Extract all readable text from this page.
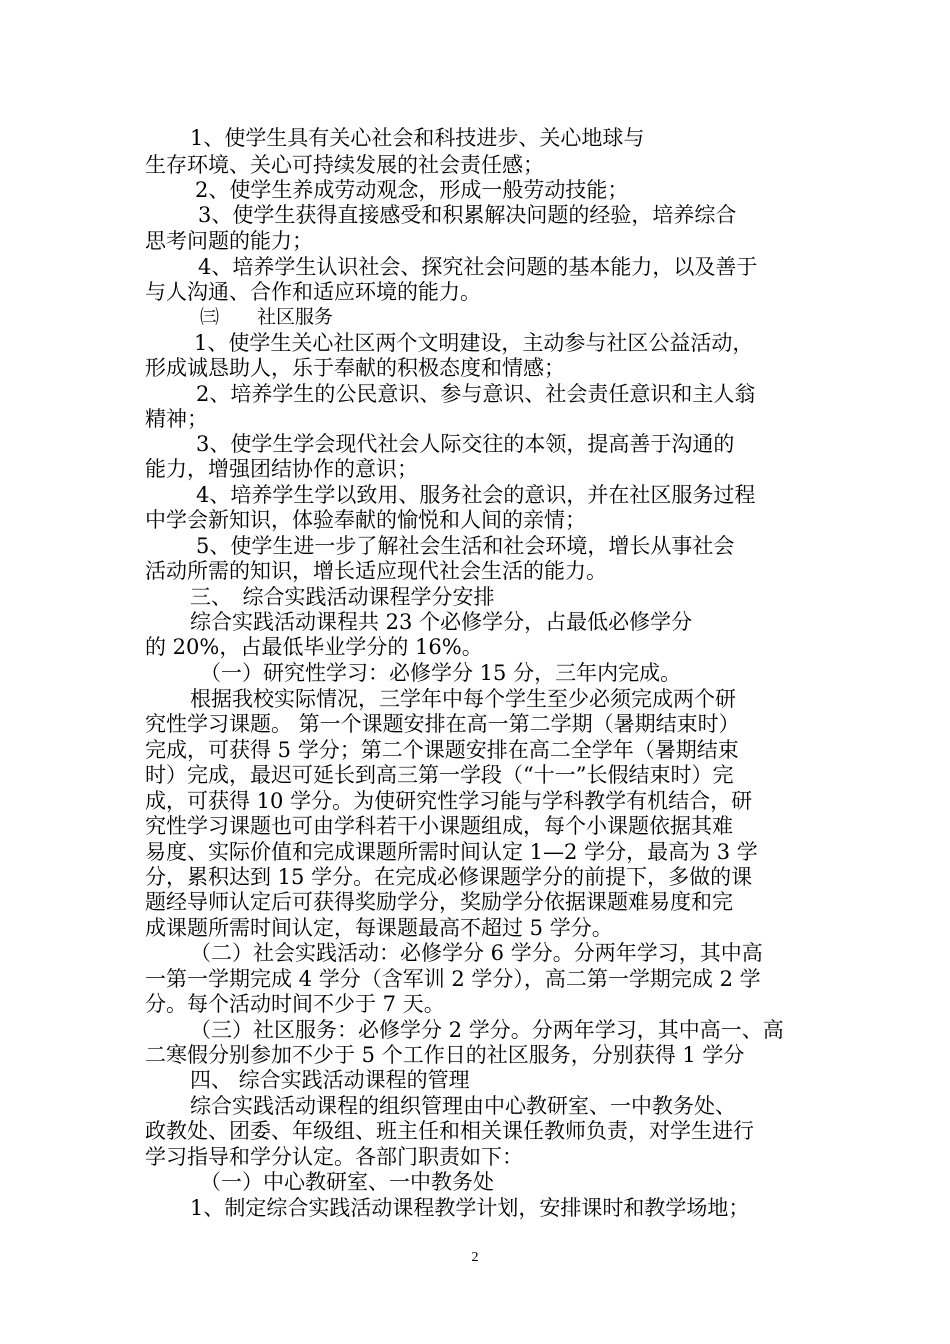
1、使学生具有关心社会和科技进步、关心地球与
生存环境、关心可持续发展的社会责任感；
2、使学生养成劳动观念，形成一般劳动技能；
3、使学生获得直接感受和积累解决问题的经验，培养综合
思考问题的能力；
4、培养学生认识社会、探究社会问题的基本能力，以及善于
与人沟通、合作和适应环境的能力。
㈢　　社区服务
1、使学生关心社区两个文明建设，主动参与社区公益活动，
形成诚恳助人，乐于奉献的积极态度和情感；
2、培养学生的公民意识、参与意识、社会责任意识和主人翁
精神；
3、使学生学会现代社会人际交往的本领，提高善于沟通的
能力，增强团结协作的意识；
4、培养学生学以致用、服务社会的意识，并在社区服务过程
中学会新知识，体验奉献的愉悦和人间的亲情；
5、使学生进一步了解社会生活和社会环境，增长从事社会
活动所需的知识，增长适应现代社会生活的能力。
三、　综合实践活动课程学分安排
综合实践活动课程共 23 个必修学分，占最低必修学分
的 20%，占最低毕业学分的 16%。
（一）研究性学习：必修学分 15 分，三年内完成。
根据我校实际情况，三学年中每个学生至少必须完成两个研
究性学习课题。 第一个课题安排在高一第二学期（暑期结束时）
完成，可获得 5 学分；第二个课题安排在高二全学年（暑期结束
时）完成，最迟可延长到高三第一学段（“十一”长假结束时）完
成，可获得 10 学分。为使研究性学习能与学科教学有机结合，研
究性学习课题也可由学科若干小课题组成，每个小课题依据其难
易度、实际价值和完成课题所需时间认定 1—2 学分，最高为 3 学
分，累积达到 15 学分。在完成必修课题学分的前提下，多做的课
题经导师认定后可获得奖励学分，奖励学分依据课题难易度和完
成课题所需时间认定，每课题最高不超过 5 学分。
（二）社会实践活动：必修学分 6 学分。分两年学习，其中高
一第一学期完成 4 学分（含军训 2 学分），高二第一学期完成 2 学
分。每个活动时间不少于 7 天。
（三）社区服务：必修学分 2 学分。分两年学习，其中高一、高
二寒假分别参加不少于 5 个工作日的社区服务，分别获得 1 学分
四、 综合实践活动课程的管理
综合实践活动课程的组织管理由中心教研室、一中教务处、
政教处、团委、年级组、班主任和相关课任教师负责，对学生进行
学习指导和学分认定。各部门职责如下：
（一）中心教研室、一中教务处
1、制定综合实践活动课程教学计划，安排课时和教学场地；
2
